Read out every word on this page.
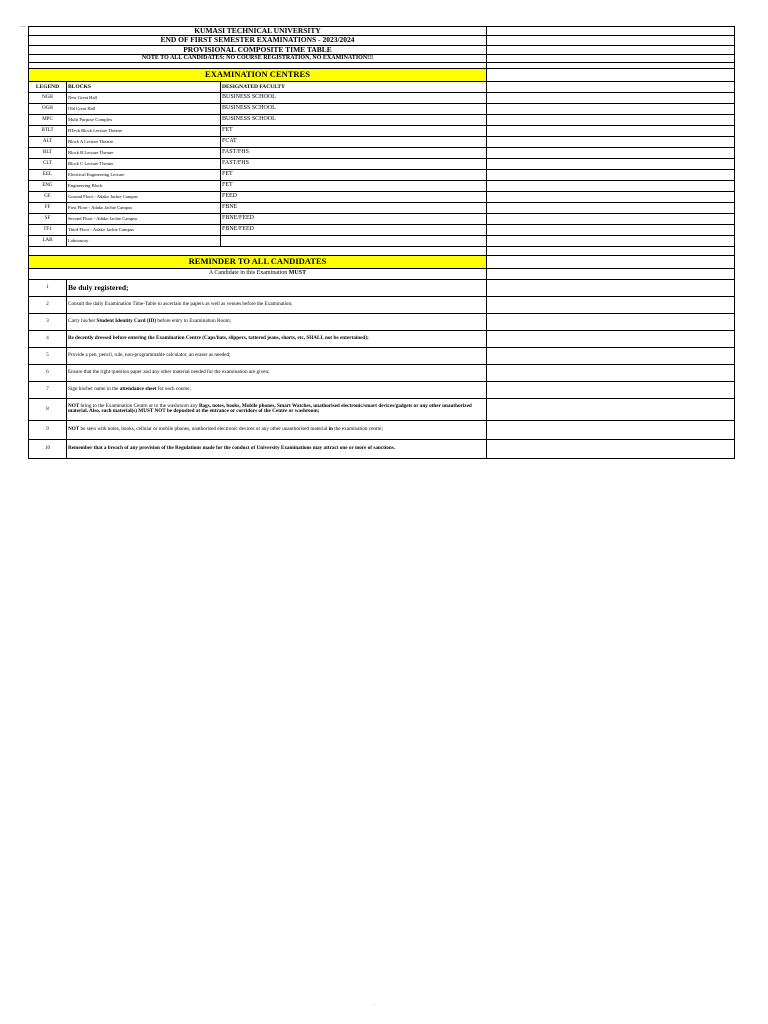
—	KUMASI TECHNICAL UNIVERSITY			
END OF FIRST SEMESTER EXAMINATIONS - 2023/2024			
PROVISIONAL COMPOSITE TIME TABLE			
NOTE TO ALL CANDIDATES: NO COURSE REGISTRATION, NO EXAMINATION!!!			

EXAMINATION CENTRES			
LEGEND	BLOCKS	DESIGNATED FACULTY	
NGH	New Great Hall	BUSINESS SCHOOL	
OGH	Old Great Hall	BUSINESS SCHOOL	
MPC	Multi Purpose Complex	BUSINESS SCHOOL	
BTLT	BTech Block Lecture Theatre	FET	
ALT	Block A Lecture Theatre	FCAT	
BLT	Block B Lecture Theatre	FAST/FHS	
CLT	Block C Lecture Theatre	FAST/FHS	
EEL	Electrical Engineering Lecture	FET	
ENG	Engineering Block	FET	
GF	Ground Floor - Adako Jachie Campus	FEED	
FF	First Floor - Adako Jachie Campus	FBNE	
SF	Second Floor - Adako Jachie Campus	FBNE/FEED	
TF1	Third Floor - Adako Jachie Campus	FBNE/FEED	
LAB	Laboratory		

REMINDER TO ALL CANDIDATES			
A Candidate in this Examination MUST			
1	Be duly registered;		
2	Consult the daily Examination Time-Table to ascertain the papers as well as venues before the Examination;		
3	Carry his/her Student Identity Card (ID) before entry to Examination Room;		
4	Be decently dressed before entering the Examination Centre (Caps/hats, slippers, tattered jeans, shorts, etc, SHALL not be entertained);		
5	Provide a pen, pencil, rule, non-programmable calculator, an eraser as needed;		
6	Ensure that the right question paper and any other material needed for the examination are given;		
7	Sign his/her name in the attendance sheet for each course;		
8	NOT bring to the Examination Centre or to the washroom any Bags, notes, books, Mobile phones, Smart Watches, unathorised electronic/smart devices/gadgets or any other unauthorized material. Also, such material(s) MUST NOT be deposited at the entrance or corridors of the Centre or washroom;		
9	NOT be seen with notes, books, cellular or mobile phones, unathorised electronic devices or any other unauthorised material in the examination centre;		
10	Remember that a breach of any provision of the Regulations made for the conduct of University Examinations may attract one or more of sanctions.		
· ·
